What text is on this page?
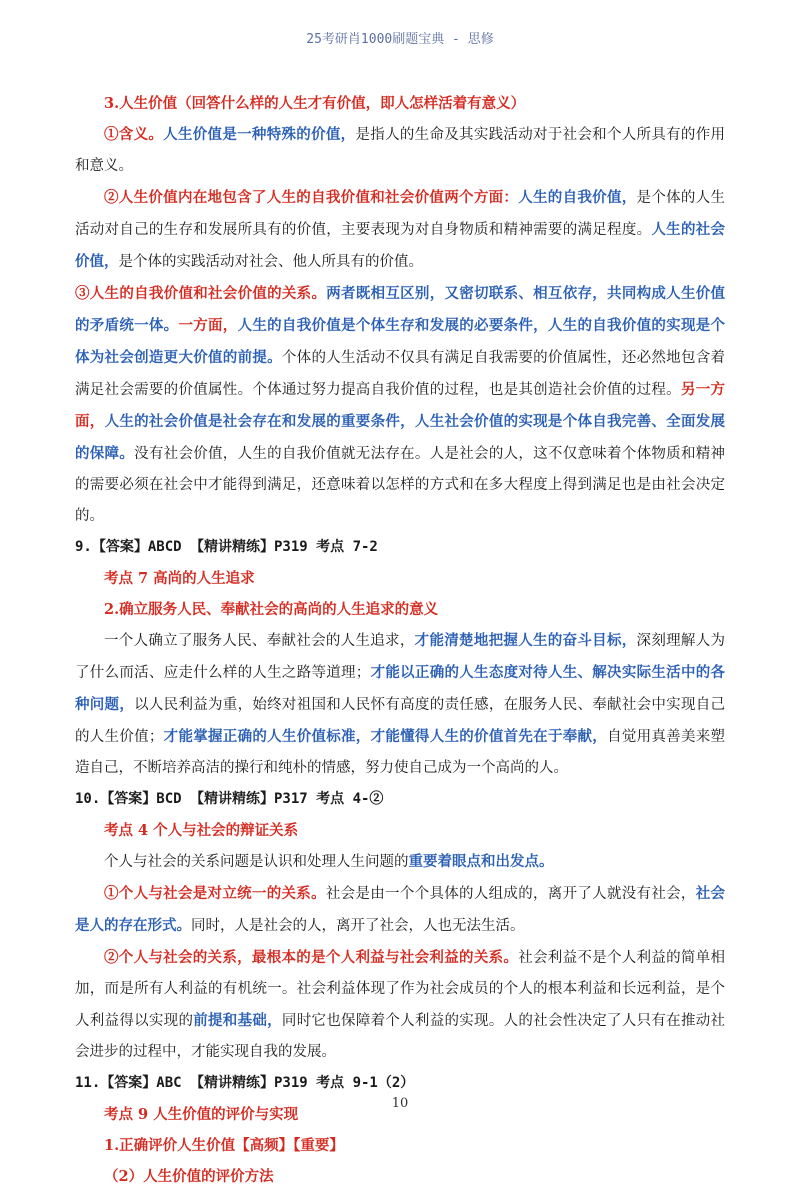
25考研肖1000刷题宝典 - 思修

3.人生价值（回答什么样的人生才有价值，即人怎样活着有意义）

①含义。人生价值是一种特殊的价值，是指人的生命及其实践活动对于社会和个人所具有的作用和意义。

②人生价值内在地包含了人生的自我价值和社会价值两个方面：人生的自我价值，是个体的人生活动对自己的生存和发展所具有的价值，主要表现为对自身物质和精神需要的满足程度。人生的社会价值，是个体的实践活动对社会、他人所具有的价值。

③人生的自我价值和社会价值的关系。两者既相互区别，又密切联系、相互依存，共同构成人生价值的矛盾统一体。一方面，人生的自我价值是个体生存和发展的必要条件，人生的自我价值的实现是个体为社会创造更大价值的前提。个体的人生活动不仅具有满足自我需要的价值属性，还必然地包含着满足社会需要的价值属性。个体通过努力提高自我价值的过程，也是其创造社会价值的过程。另一方面，人生的社会价值是社会存在和发展的重要条件，人生社会价值的实现是个体自我完善、全面发展的保障。没有社会价值，人生的自我价值就无法存在。人是社会的人，这不仅意味着个体物质和精神的需要必须在社会中才能得到满足，还意味着以怎样的方式和在多大程度上得到满足也是由社会决定的。

9.【答案】ABCD 【精讲精练】P319 考点 7-2

考点 7 高尚的人生追求

2.确立服务人民、奉献社会的高尚的人生追求的意义

一个人确立了服务人民、奉献社会的人生追求，才能清楚地把握人生的奋斗目标，深刻理解人为了什么而活、应走什么样的人生之路等道理；才能以正确的人生态度对待人生、解决实际生活中的各种问题，以人民利益为重，始终对祖国和人民怀有高度的责任感，在服务人民、奉献社会中实现自己的人生价值；才能掌握正确的人生价值标准，才能懂得人生的价值首先在于奉献，自觉用真善美来塑造自己，不断培养高洁的操行和纯朴的情感，努力使自己成为一个高尚的人。

10.【答案】BCD 【精讲精练】P317 考点 4-②

考点 4 个人与社会的辩证关系

个人与社会的关系问题是认识和处理人生问题的重要着眼点和出发点。

①个人与社会是对立统一的关系。社会是由一个个具体的人组成的，离开了人就没有社会，社会是人的存在形式。同时，人是社会的人，离开了社会，人也无法生活。

②个人与社会的关系，最根本的是个人利益与社会利益的关系。社会利益不是个人利益的简单相加，而是所有人利益的有机统一。社会利益体现了作为社会成员的个人的根本利益和长远利益，是个人利益得以实现的前提和基础，同时它也保障着个人利益的实现。人的社会性决定了人只有在推动社会进步的过程中，才能实现自我的发展。

11.【答案】ABC 【精讲精练】P319 考点 9-1（2）

考点 9 人生价值的评价与实现

1.正确评价人生价值【高频】【重要】

（2）人生价值的评价方法

10
